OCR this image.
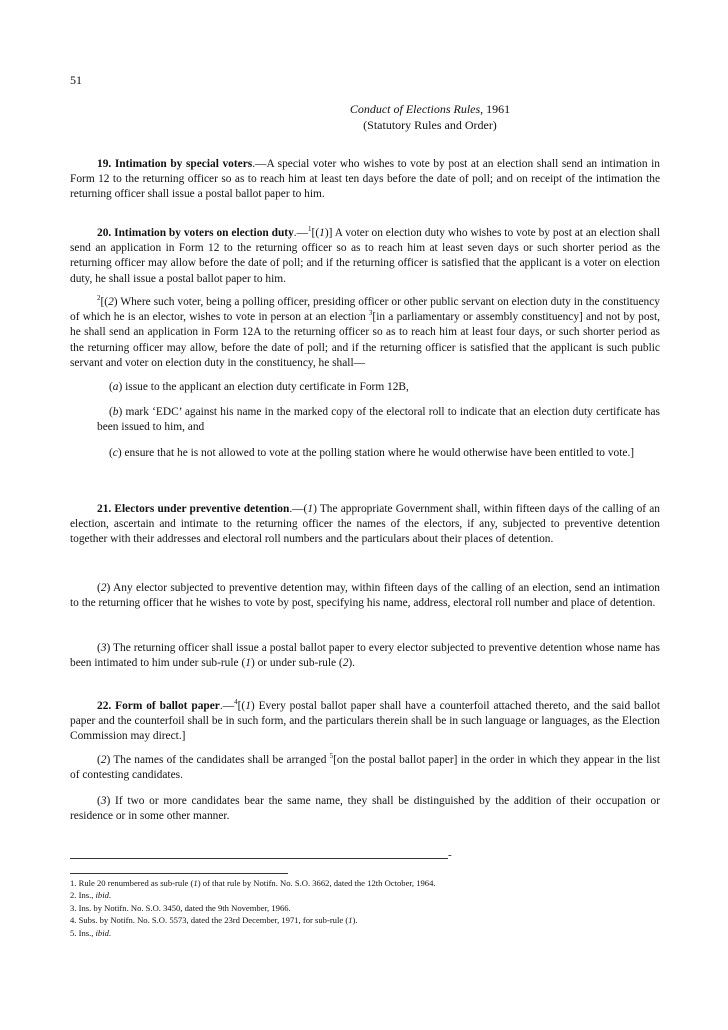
51
Conduct of Elections Rules, 1961
(Statutory Rules and Order)
19. Intimation by special voters.—A special voter who wishes to vote by post at an election shall send an intimation in Form 12 to the returning officer so as to reach him at least ten days before the date of poll; and on receipt of the intimation the returning officer shall issue a postal ballot paper to him.
20. Intimation by voters on election duty.—$^1$[(1)] A voter on election duty who wishes to vote by post at an election shall send an application in Form 12 to the returning officer so as to reach him at least seven days or such shorter period as the returning officer may allow before the date of poll; and if the returning officer is satisfied that the applicant is a voter on election duty, he shall issue a postal ballot paper to him.
$^2$[(2) Where such voter, being a polling officer, presiding officer or other public servant on election duty in the constituency of which he is an elector, wishes to vote in person at an election $^3$[in a parliamentary or assembly constituency] and not by post, he shall send an application in Form 12A to the returning officer so as to reach him at least four days, or such shorter period as the returning officer may allow, before the date of poll; and if the returning officer is satisfied that the applicant is such public servant and voter on election duty in the constituency, he shall—
(a) issue to the applicant an election duty certificate in Form 12B,
(b) mark ‘EDC’ against his name in the marked copy of the electoral roll to indicate that an election duty certificate has been issued to him, and
(c) ensure that he is not allowed to vote at the polling station where he would otherwise have been entitled to vote.]
21. Electors under preventive detention.—(1) The appropriate Government shall, within fifteen days of the calling of an election, ascertain and intimate to the returning officer the names of the electors, if any, subjected to preventive detention together with their addresses and electoral roll numbers and the particulars about their places of detention.
(2) Any elector subjected to preventive detention may, within fifteen days of the calling of an election, send an intimation to the returning officer that he wishes to vote by post, specifying his name, address, electoral roll number and place of detention.
(3) The returning officer shall issue a postal ballot paper to every elector subjected to preventive detention whose name has been intimated to him under sub-rule (1) or under sub-rule (2).
22. Form of ballot paper.—$^4$[(1) Every postal ballot paper shall have a counterfoil attached thereto, and the said ballot paper and the counterfoil shall be in such form, and the particulars therein shall be in such language or languages, as the Election Commission may direct.]
(2) The names of the candidates shall be arranged $^5$[on the postal ballot paper] in the order in which they appear in the list of contesting candidates.
(3) If two or more candidates bear the same name, they shall be distinguished by the addition of their occupation or residence or in some other manner.
-
1. Rule 20 renumbered as sub-rule (1) of that rule by Notifn. No. S.O. 3662, dated the 12th October, 1964.
2. Ins., ibid.
3. Ins. by Notifn. No. S.O. 3450, dated the 9th November, 1966.
4. Subs. by Notifn. No. S.O. 5573, dated the 23rd December, 1971, for sub-rule (1).
5. Ins., ibid.
